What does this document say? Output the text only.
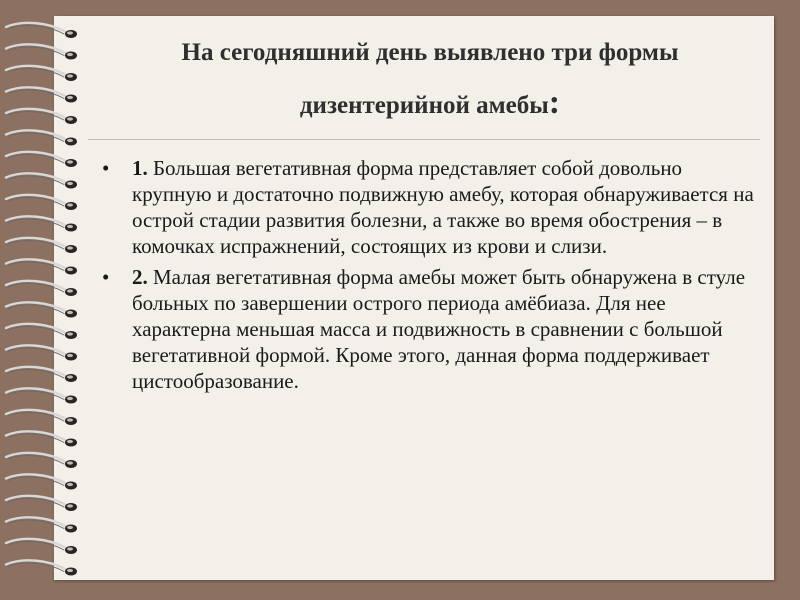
На сегодняшний день выявлено три формы
дизентерийной амебы:
• 1. Большая вегетативная форма представляет собой довольно крупную и достаточно подвижную амебу, которая обнаруживается на острой стадии развития болезни, а также во время обострения – в комочках испражнений, состоящих из крови и слизи.
• 2. Малая вегетативная форма амебы может быть обнаружена в стуле больных по завершении острого периода амёбиаза. Для нее характерна меньшая масса и подвижность в сравнении с большой вегетативной формой. Кроме этого, данная форма поддерживает цистообразование.
